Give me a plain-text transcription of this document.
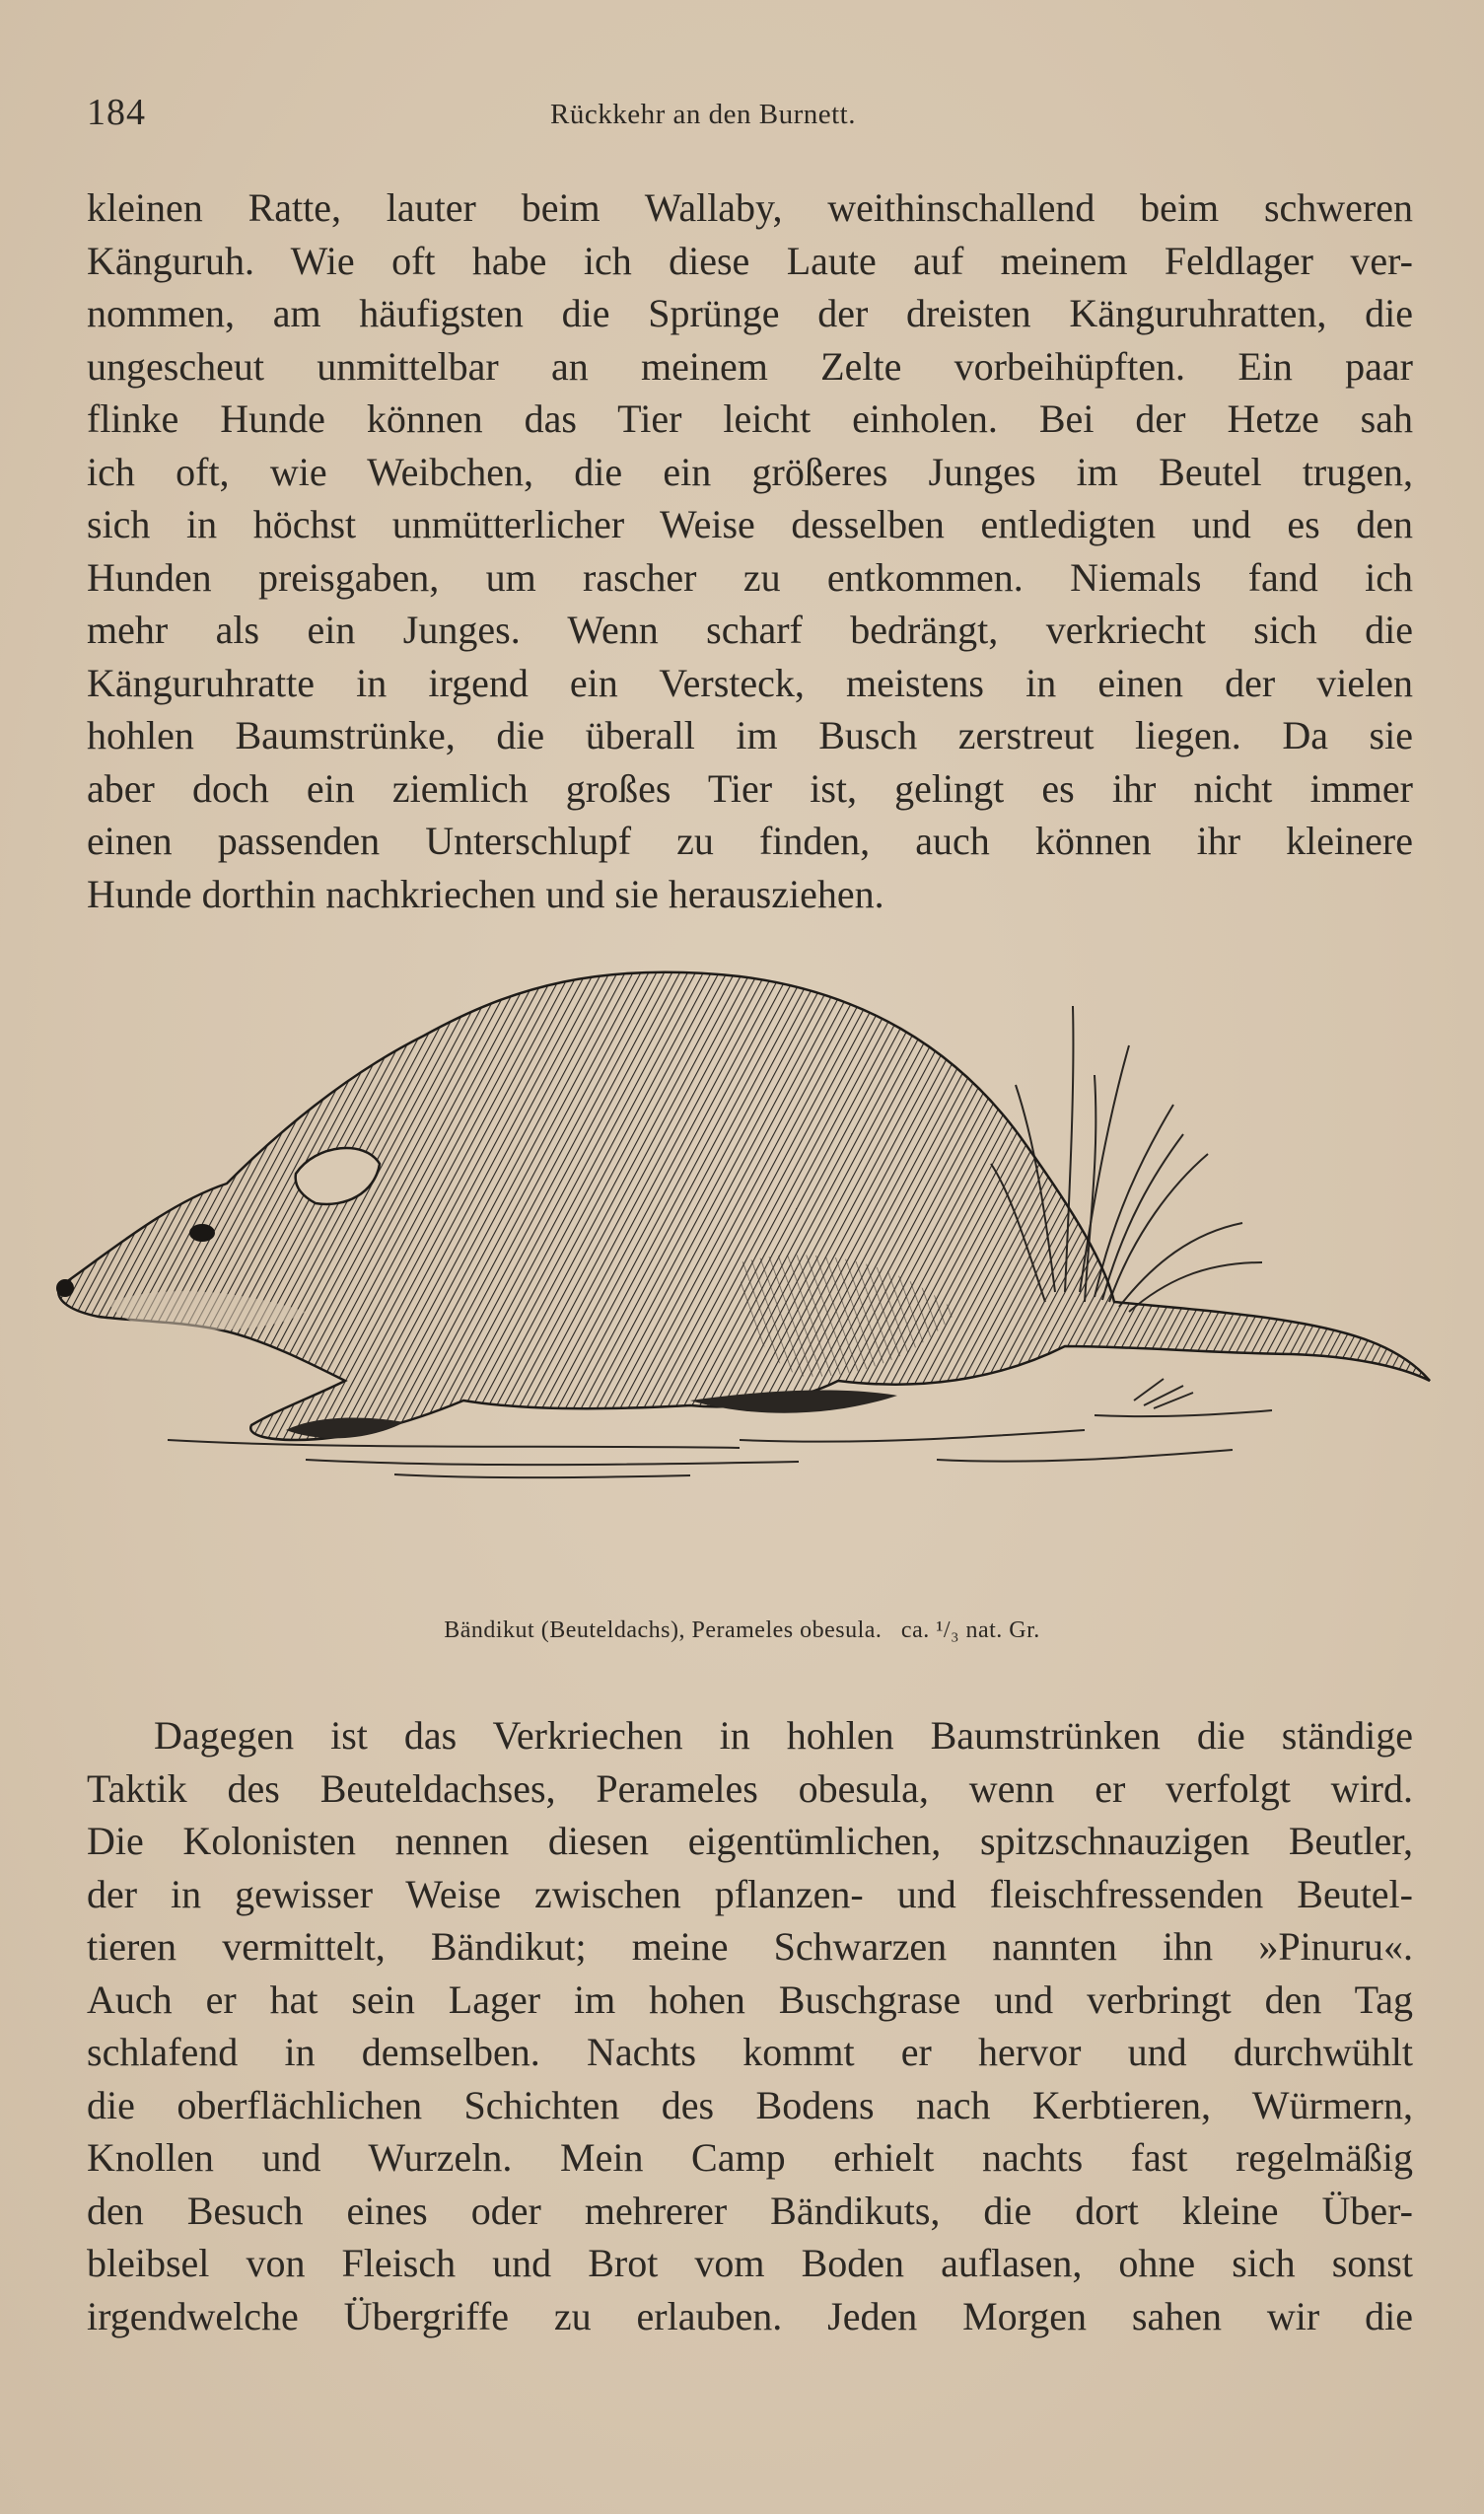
184	Rückkehr an den Burnett.
kleinen Ratte, lauter beim Wallaby, weithinschallend beim schweren
Känguruh. Wie oft habe ich diese Laute auf meinem Feldlager ver-
nommen, am häufigsten die Sprünge der dreisten Känguruhratten, die
ungescheut unmittelbar an meinem Zelte vorbeihüpften. Ein paar
flinke Hunde können das Tier leicht einholen. Bei der Hetze sah
ich oft, wie Weibchen, die ein größeres Junges im Beutel trugen,
sich in höchst unmütterlicher Weise desselben entledigten und es den
Hunden preisgaben, um rascher zu entkommen. Niemals fand ich
mehr als ein Junges. Wenn scharf bedrängt, verkriecht sich die
Känguruhratte in irgend ein Versteck, meistens in einen der vielen
hohlen Baumstrünke, die überall im Busch zerstreut liegen. Da sie
aber doch ein ziemlich großes Tier ist, gelingt es ihr nicht immer
einen passenden Unterschlupf zu finden, auch können ihr kleinere
Hunde dorthin nachkriechen und sie herausziehen.
Bändikut (Beuteldachs), Perameles obesula. ca. ¹/₃ nat. Gr.
Dagegen ist das Verkriechen in hohlen Baumstrünken die ständige
Taktik des Beuteldachses, Perameles obesula, wenn er verfolgt wird.
Die Kolonisten nennen diesen eigentümlichen, spitzschnauzigen Beutler,
der in gewisser Weise zwischen pflanzen- und fleischfressenden Beutel-
tieren vermittelt, Bändikut; meine Schwarzen nannten ihn »Pinuru«.
Auch er hat sein Lager im hohen Buschgrase und verbringt den Tag
schlafend in demselben. Nachts kommt er hervor und durchwühlt
die oberflächlichen Schichten des Bodens nach Kerbtieren, Würmern,
Knollen und Wurzeln. Mein Camp erhielt nachts fast regelmäßig
den Besuch eines oder mehrerer Bändikuts, die dort kleine Über-
bleibsel von Fleisch und Brot vom Boden auflasen, ohne sich sonst
irgendwelche Übergriffe zu erlauben. Jeden Morgen sahen wir die
